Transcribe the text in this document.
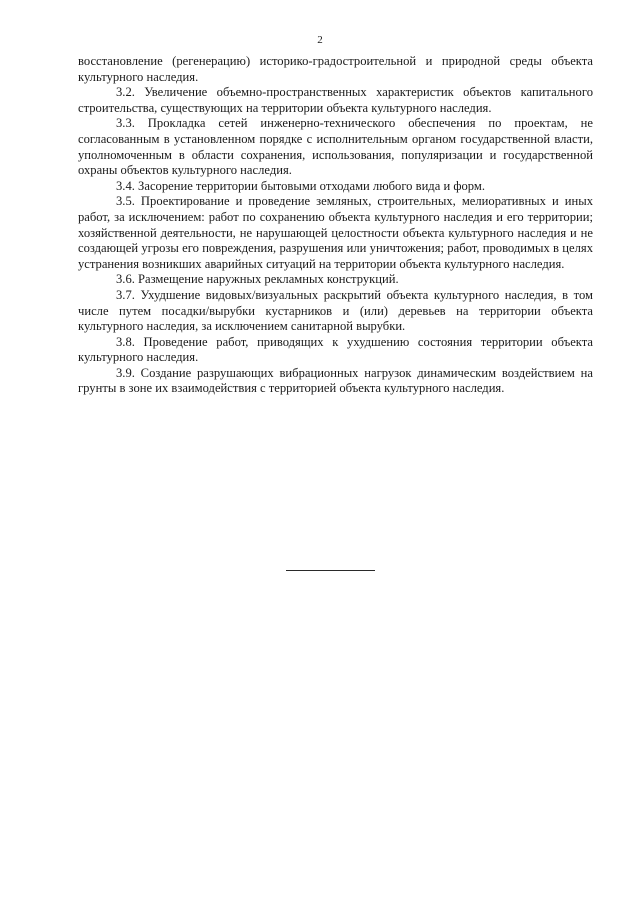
2

восстановление (регенерацию) историко-градостроительной и природной среды объекта культурного наследия.

3.2. Увеличение объемно-пространственных характеристик объектов капитального строительства, существующих на территории объекта культурного наследия.

3.3. Прокладка сетей инженерно-технического обеспечения по проектам, не согласованным в установленном порядке с исполнительным органом государственной власти, уполномоченным в области сохранения, использования, популяризации и государственной охраны объектов культурного наследия.

3.4. Засорение территории бытовыми отходами любого вида и форм.

3.5. Проектирование и проведение земляных, строительных, мелиоративных и иных работ, за исключением: работ по сохранению объекта культурного наследия и его территории; хозяйственной деятельности, не нарушающей целостности объекта культурного наследия и не создающей угрозы его повреждения, разрушения или уничтожения; работ, проводимых в целях устранения возникших аварийных ситуаций на территории объекта культурного наследия.

3.6. Размещение наружных рекламных конструкций.

3.7. Ухудшение видовых/визуальных раскрытий объекта культурного наследия, в том числе путем посадки/вырубки кустарников и (или) деревьев на территории объекта культурного наследия, за исключением санитарной вырубки.

3.8. Проведение работ, приводящих к ухудшению состояния территории объекта культурного наследия.

3.9. Создание разрушающих вибрационных нагрузок динамическим воздействием на грунты в зоне их взаимодействия с территорией объекта культурного наследия.
